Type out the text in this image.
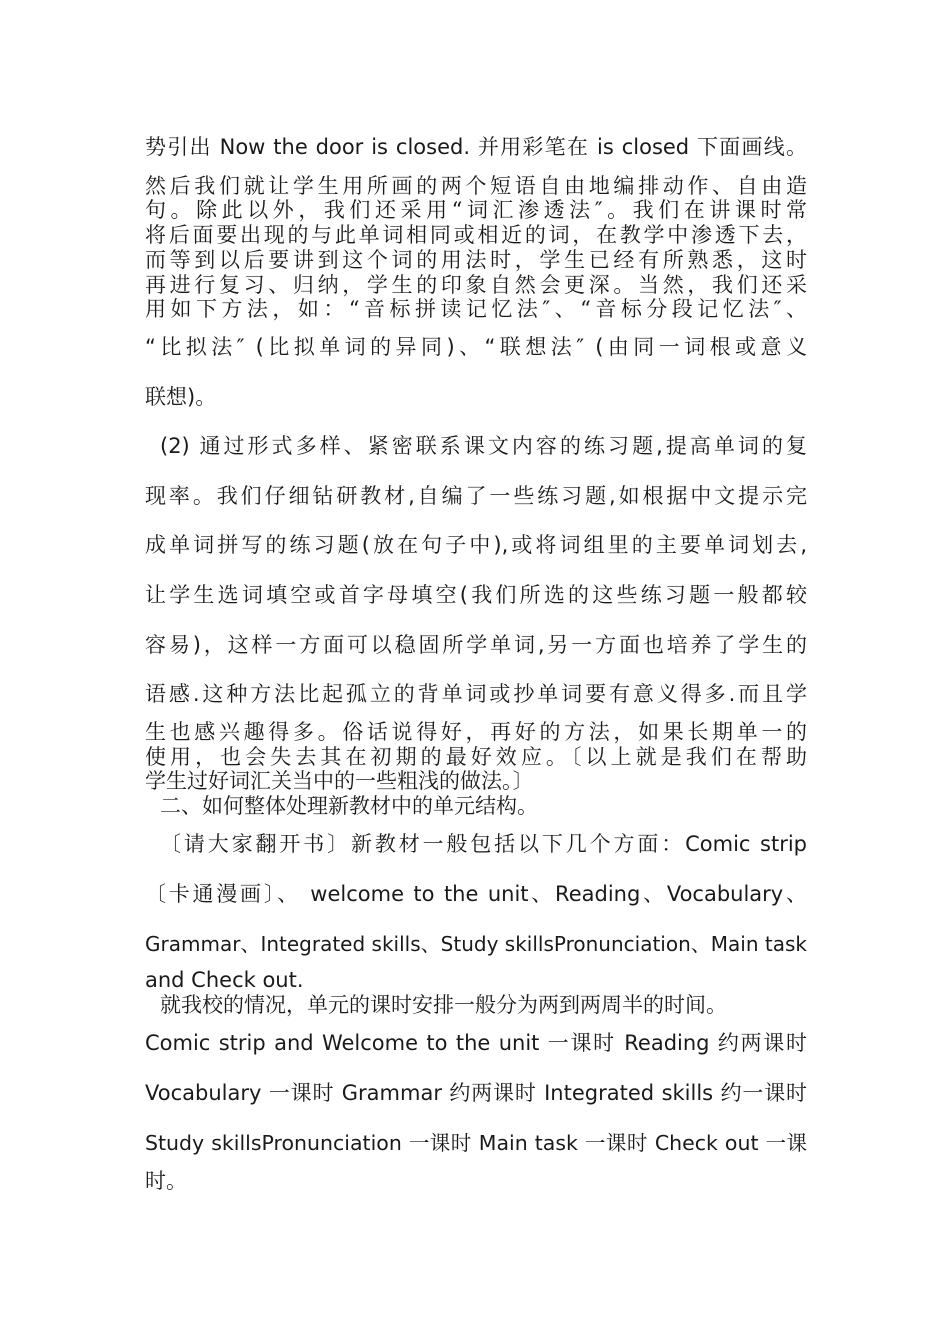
势引出 Now the door is closed. 并用彩笔在 is closed 下面画线。
然后我们就让学生用所画的两个短语自由地编排动作、自由造
句。除此以外，我们还采用“词汇渗透法″。我们在讲课时常
将后面要出现的与此单词相同或相近的词，在教学中渗透下去，
而等到以后要讲到这个词的用法时，学生已经有所熟悉，这时
再进行复习、归纳，学生的印象自然会更深。当然，我们还采
用如下方法，如：“音标拼读记忆法″、“音标分段记忆法″、
“比拟法″ (比拟单词的异同)、“联想法″ (由同一词根或意义
联想)。
(2) 通过形式多样、紧密联系课文内容的练习题,提高单词的复
现率。我们仔细钻研教材,自编了一些练习题,如根据中文提示完
成单词拼写的练习题(放在句子中),或将词组里的主要单词划去,
让学生选词填空或首字母填空(我们所选的这些练习题一般都较
容易)，这样一方面可以稳固所学单词,另一方面也培养了学生的
语感.这种方法比起孤立的背单词或抄单词要有意义得多.而且学
生也感兴趣得多。俗话说得好，再好的方法，如果长期单一的
使用，也会失去其在初期的最好效应。〔以上就是我们在帮助
学生过好词汇关当中的一些粗浅的做法。〕
二、如何整体处理新教材中的单元结构。
〔请大家翻开书〕新教材一般包括以下几个方面：Comic strip
〔卡通漫画〕、 welcome to the unit、Reading、Vocabulary、
Grammar、Integrated skills、Study skillsPronunciation、Main task
and Check out.
就我校的情况，单元的课时安排一般分为两到两周半的时间。
Comic strip and Welcome to the unit 一课时 Reading 约两课时
Vocabulary 一课时 Grammar 约两课时 Integrated skills 约一课时
Study skillsPronunciation 一课时 Main task 一课时 Check out 一课
时。
